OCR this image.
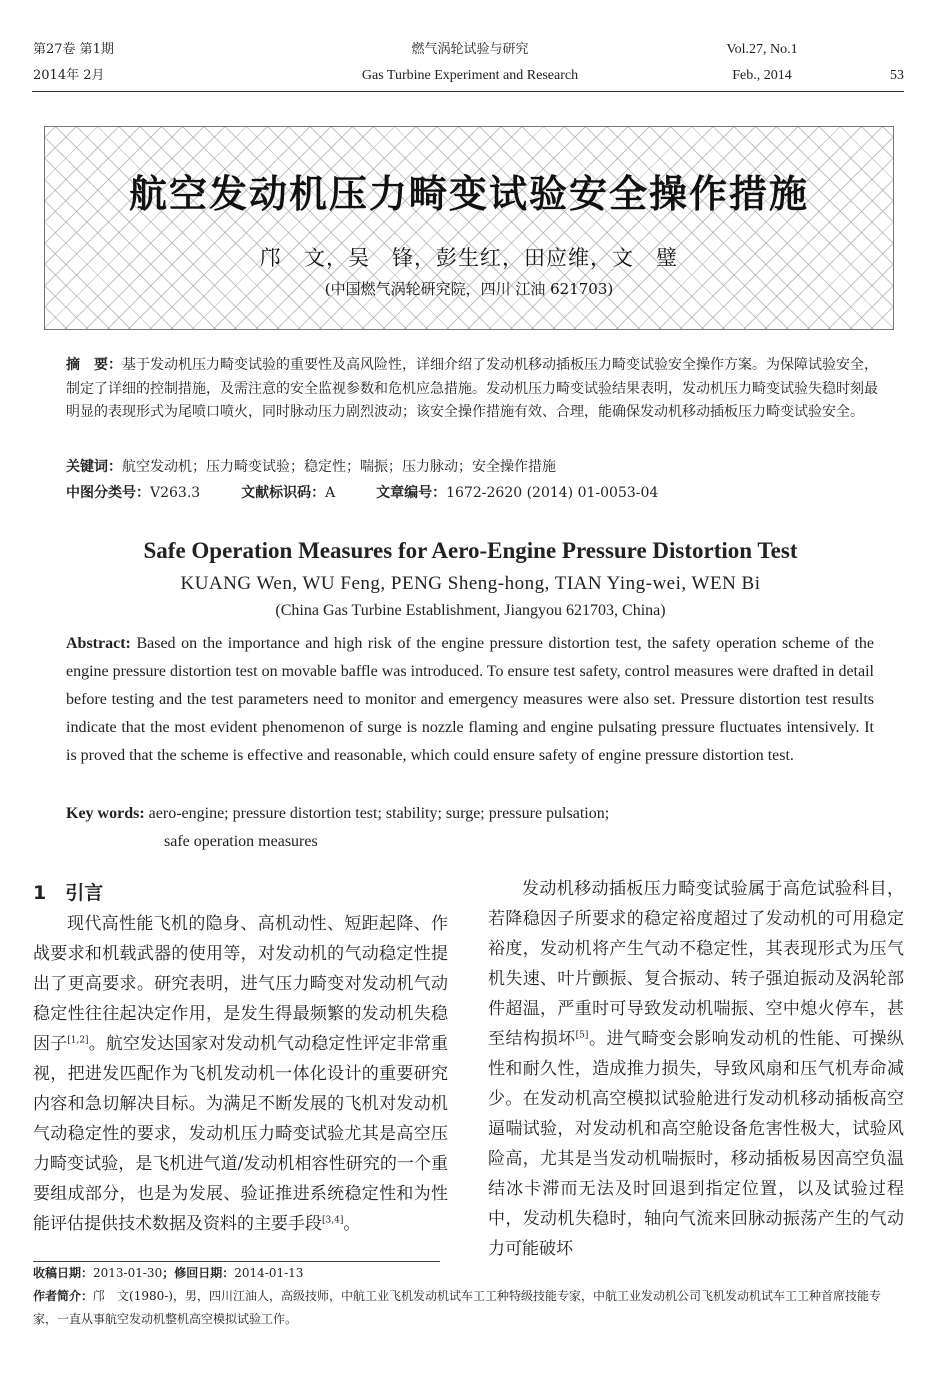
第27卷 第1期
2014年 2月
燃气涡轮试验与研究
Gas Turbine Experiment and Research
Vol.27, No.1
Feb., 2014	53
航空发动机压力畸变试验安全操作措施
邝　文，吴　锋，彭生红，田应维，文　璧
(中国燃气涡轮研究院，四川 江油 621703)
摘　要：基于发动机压力畸变试验的重要性及高风险性，详细介绍了发动机移动插板压力畸变试验安全操作方案。为保障试验安全，制定了详细的控制措施，及需注意的安全监视参数和危机应急措施。发动机压力畸变试验结果表明，发动机压力畸变试验失稳时刻最明显的表现形式为尾喷口喷火，同时脉动压力剧烈波动；该安全操作措施有效、合理，能确保发动机移动插板压力畸变试验安全。
关键词：航空发动机；压力畸变试验；稳定性；喘振；压力脉动；安全操作措施
中图分类号：V263.3	文献标识码：A	文章编号：1672-2620 (2014) 01-0053-04
Safe Operation Measures for Aero-Engine Pressure Distortion Test
KUANG Wen, WU Feng, PENG Sheng-hong, TIAN Ying-wei, WEN Bi
(China Gas Turbine Establishment, Jiangyou 621703, China)
Abstract: Based on the importance and high risk of the engine pressure distortion test, the safety operation scheme of the engine pressure distortion test on movable baffle was introduced. To ensure test safety, control measures were drafted in detail before testing and the test parameters need to monitor and emergency measures were also set. Pressure distortion test results indicate that the most evident phenomenon of surge is nozzle flaming and engine pulsating pressure fluctuates intensively. It is proved that the scheme is effective and reasonable, which could ensure safety of engine pressure distortion test.
Key words: aero-engine; pressure distortion test; stability; surge; pressure pulsation;
safe operation measures
1　引言

现代高性能飞机的隐身、高机动性、短距起降、作战要求和机载武器的使用等，对发动机的气动稳定性提出了更高要求。研究表明，进气压力畸变对发动机气动稳定性往往起决定作用，是发生得最频繁的发动机失稳因子[1,2]。航空发达国家对发动机气动稳定性评定非常重视，把进发匹配作为飞机发动机一体化设计的重要研究内容和急切解决目标。为满足不断发展的飞机对发动机气动稳定性的要求，发动机压力畸变试验尤其是高空压力畸变试验，是飞机进气道/发动机相容性研究的一个重要组成部分，也是为发展、验证推进系统稳定性和为性能评估提供技术数据及资料的主要手段[3,4]。

发动机移动插板压力畸变试验属于高危试验科目，若降稳因子所要求的稳定裕度超过了发动机的可用稳定裕度，发动机将产生气动不稳定性，其表现形式为压气机失速、叶片颤振、复合振动、转子强迫振动及涡轮部件超温，严重时可导致发动机喘振、空中熄火停车，甚至结构损坏[5]。进气畸变会影响发动机的性能、可操纵性和耐久性，造成推力损失，导致风扇和压气机寿命减少。在发动机高空模拟试验舱进行发动机移动插板高空逼喘试验，对发动机和高空舱设备危害性极大，试验风险高，尤其是当发动机喘振时，移动插板易因高空负温结冰卡滞而无法及时回退到指定位置，以及试验过程中，发动机失稳时，轴向气流来回脉动振荡产生的气动力可能破坏

收稿日期：2013-01-30；修回日期：2014-01-13
作者简介：邝　文(1980-)，男，四川江油人，高级技师，中航工业飞机发动机试车工工种特级技能专家，中航工业发动机公司飞机发动机试车工工种首席技能专家，一直从事航空发动机整机高空模拟试验工作。
